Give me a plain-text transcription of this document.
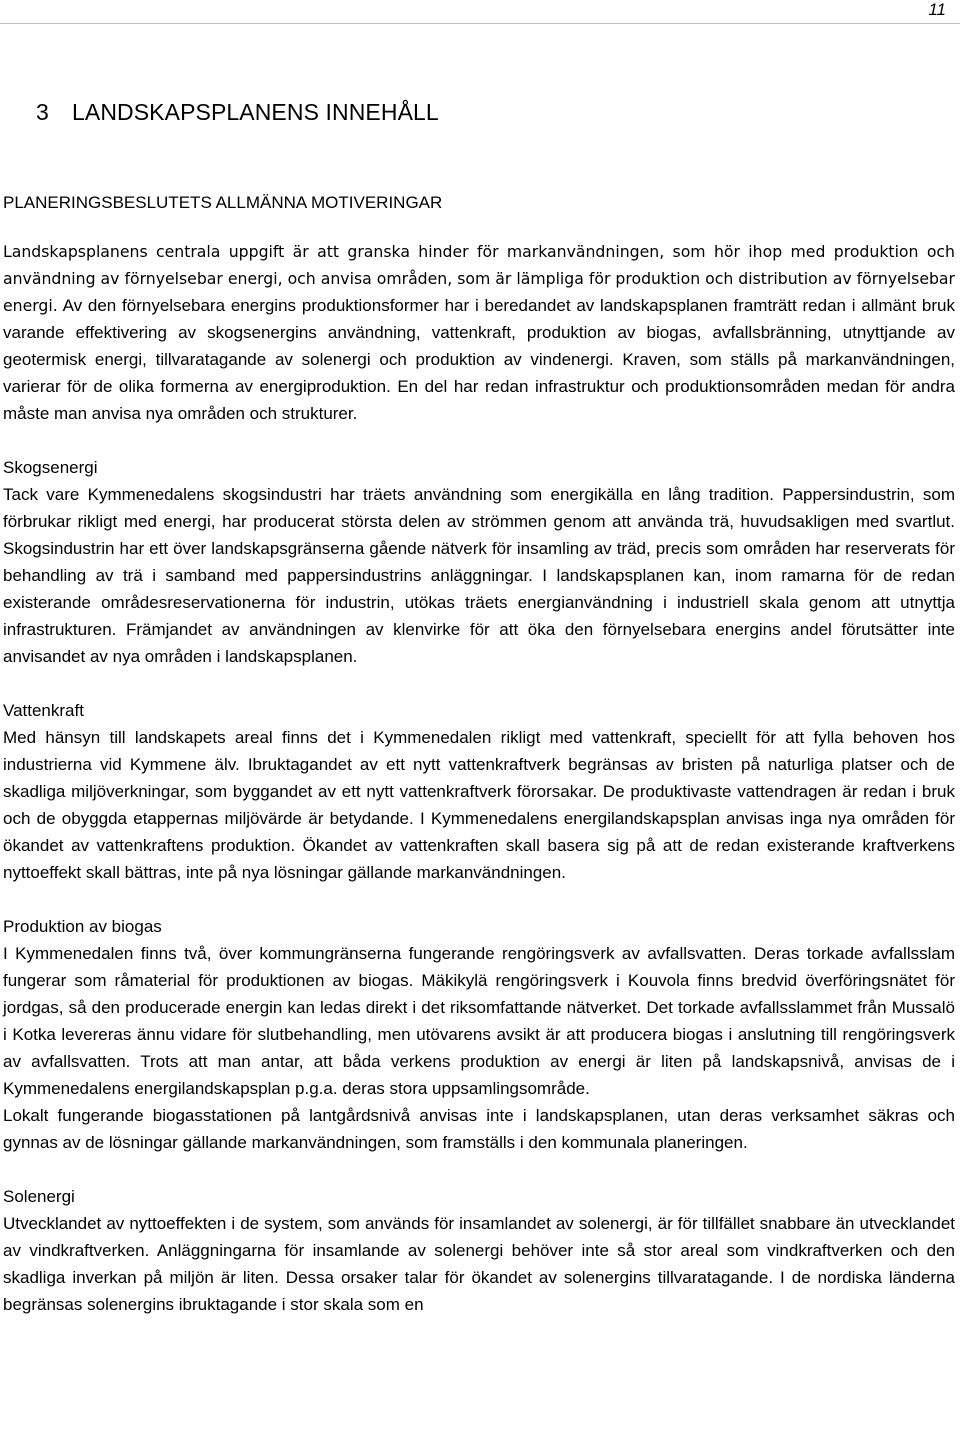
11
3 LANDSKAPSPLANENS INNEHÅLL
PLANERINGSBESLUTETS ALLMÄNNA MOTIVERINGAR

Landskapsplanens centrala uppgift är att granska hinder för markanvändningen, som hör ihop med produktion och användning av förnyelsebar energi, och anvisa områden, som är lämpliga för produktion och distribution av förnyelsebar energi. Av den förnyelsebara energins produktionsformer har i beredandet av landskapsplanen framträtt redan i allmänt bruk varande effektivering av skogsenergins användning, vattenkraft, produktion av biogas, avfallsbränning, utnyttjande av geotermisk energi, tillvaratagande av solenergi och produktion av vindenergi. Kraven, som ställs på markanvändningen, varierar för de olika formerna av energiproduktion. En del har redan infrastruktur och produktionsområden medan för andra måste man anvisa nya områden och strukturer.

Skogsenergi

Tack vare Kymmenedalens skogsindustri har träets användning som energikälla en lång tradition. Pappersindustrin, som förbrukar rikligt med energi, har producerat största delen av strömmen genom att använda trä, huvudsakligen med svartlut. Skogsindustrin har ett över landskapsgränserna gående nätverk för insamling av träd, precis som områden har reserverats för behandling av trä i samband med pappersindustrins anläggningar. I landskapsplanen kan, inom ramarna för de redan existerande områdesreservationerna för industrin, utökas träets energianvändning i industriell skala genom att utnyttja infrastrukturen. Främjandet av användningen av klenvirke för att öka den förnyelsebara energins andel förutsätter inte anvisandet av nya områden i landskapsplanen.

Vattenkraft

Med hänsyn till landskapets areal finns det i Kymmenedalen rikligt med vattenkraft, speciellt för att fylla behoven hos industrierna vid Kymmene älv. Ibruktagandet av ett nytt vattenkraftverk begränsas av bristen på naturliga platser och de skadliga miljöverkningar, som byggandet av ett nytt vattenkraftverk förorsakar. De produktivaste vattendragen är redan i bruk och de obyggda etappernas miljövärde är betydande. I Kymmenedalens energilandskapsplan anvisas inga nya områden för ökandet av vattenkraftens produktion. Ökandet av vattenkraften skall basera sig på att de redan existerande kraftverkens nyttoeffekt skall bättras, inte på nya lösningar gällande markanvändningen.

Produktion av biogas

I Kymmenedalen finns två, över kommungränserna fungerande rengöringsverk av avfallsvatten. Deras torkade avfallsslam fungerar som råmaterial för produktionen av biogas. Mäkikylä rengöringsverk i Kouvola finns bredvid överföringsnätet för jordgas, så den producerade energin kan ledas direkt i det riksomfattande nätverket. Det torkade avfallsslammet från Mussalö i Kotka levereras ännu vidare för slutbehandling, men utövarens avsikt är att producera biogas i anslutning till rengöringsverk av avfallsvatten. Trots att man antar, att båda verkens produktion av energi är liten på landskapsnivå, anvisas de i Kymmenedalens energilandskapsplan p.g.a. deras stora uppsamlingsområde.

Lokalt fungerande biogasstationen på lantgårdsnivå anvisas inte i landskapsplanen, utan deras verksamhet säkras och gynnas av de lösningar gällande markanvändningen, som framställs i den kommunala planeringen.

Solenergi

Utvecklandet av nyttoeffekten i de system, som används för insamlandet av solenergi, är för tillfället snabbare än utvecklandet av vindkraftverken. Anläggningarna för insamlande av solenergi behöver inte så stor areal som vindkraftverken och den skadliga inverkan på miljön är liten. Dessa orsaker talar för ökandet av solenergins tillvaratagande. I de nordiska länderna begränsas solenergins ibruktagande i stor skala som en
